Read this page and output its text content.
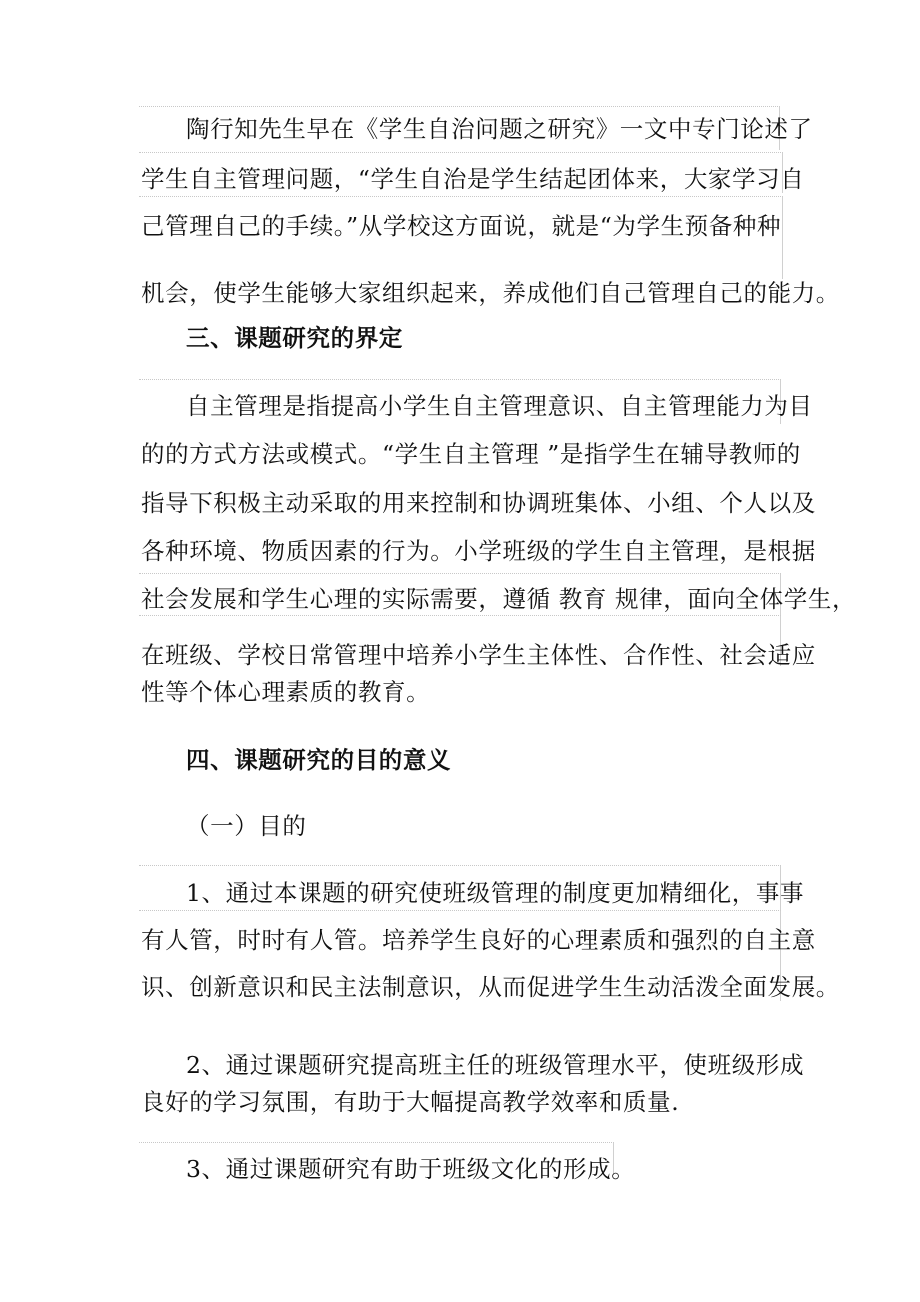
陶行知先生早在《学生自治问题之研究》一文中专门论述了
学生自主管理问题，“学生自治是学生结起团体来，大家学习自
己管理自己的手续。”从学校这方面说，就是“为学生预备种种
机会，使学生能够大家组织起来，养成他们自己管理自己的能力。
三、课题研究的界定
自主管理是指提高小学生自主管理意识、自主管理能力为目
的的方式方法或模式。“学生自主管理 ”是指学生在辅导教师的
指导下积极主动采取的用来控制和协调班集体、小组、个人以及
各种环境、物质因素的行为。小学班级的学生自主管理，是根据
社会发展和学生心理的实际需要，遵循 教育 规律，面向全体学生，
在班级、学校日常管理中培养小学生主体性、合作性、社会适应
性等个体心理素质的教育。
四、课题研究的目的意义
（一）目的
1、通过本课题的研究使班级管理的制度更加精细化，事事
有人管，时时有人管。培养学生良好的心理素质和强烈的自主意
识、创新意识和民主法制意识，从而促进学生生动活泼全面发展。
2、通过课题研究提高班主任的班级管理水平，使班级形成
良好的学习氛围，有助于大幅提高教学效率和质量.
3、通过课题研究有助于班级文化的形成。
